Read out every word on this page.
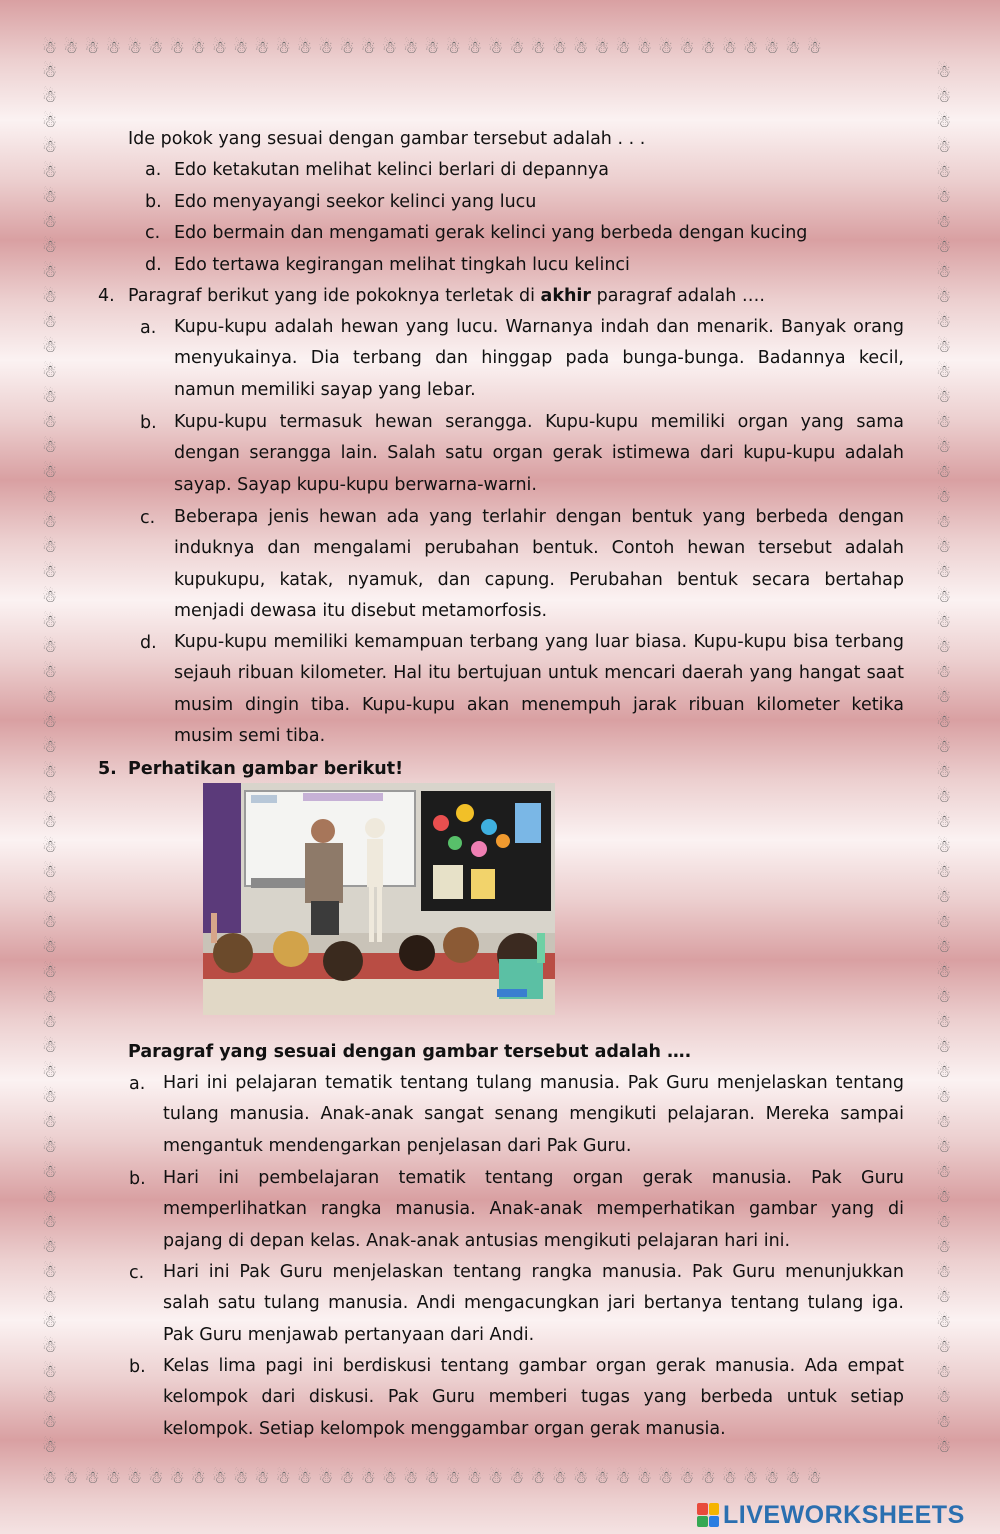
☃☃☃☃☃☃☃☃☃☃☃☃☃☃☃☃☃☃☃☃☃☃☃☃☃☃☃☃☃☃☃☃☃☃☃☃☃
☃☃☃☃☃☃☃☃☃☃☃☃☃☃☃☃☃☃☃☃☃☃☃☃☃☃☃☃☃☃☃☃☃☃☃☃☃
☃☃☃☃☃☃☃☃☃☃☃☃☃☃☃☃☃☃☃☃☃☃☃☃☃☃☃☃☃☃☃☃☃☃☃☃☃☃☃☃☃☃☃☃☃☃☃☃☃☃☃☃☃☃☃☃
☃☃☃☃☃☃☃☃☃☃☃☃☃☃☃☃☃☃☃☃☃☃☃☃☃☃☃☃☃☃☃☃☃☃☃☃☃☃☃☃☃☃☃☃☃☃☃☃☃☃☃☃☃☃☃☃
Ide pokok yang sesuai dengan gambar tersebut adalah . . .
a. Edo ketakutan melihat kelinci berlari di depannya
b. Edo menyayangi seekor kelinci yang lucu
c. Edo bermain dan mengamati gerak kelinci yang berbeda dengan kucing
d. Edo tertawa kegirangan melihat tingkah lucu kelinci
4. Paragraf berikut yang ide pokoknya terletak di akhir paragraf adalah ….
a. Kupu-kupu adalah hewan yang lucu. Warnanya indah dan menarik. Banyak orang menyukainya. Dia terbang dan hinggap pada bunga-bunga. Badannya kecil, namun memiliki sayap yang lebar.
b. Kupu-kupu termasuk hewan serangga. Kupu-kupu memiliki organ yang sama dengan serangga lain. Salah satu organ gerak istimewa dari kupu-kupu adalah sayap. Sayap kupu-kupu berwarna-warni.
c. Beberapa jenis hewan ada yang terlahir dengan bentuk yang berbeda dengan induknya dan mengalami perubahan bentuk. Contoh hewan tersebut adalah kupukupu, katak, nyamuk, dan capung. Perubahan bentuk secara bertahap menjadi dewasa itu disebut metamorfosis.
d. Kupu-kupu memiliki kemampuan terbang yang luar biasa. Kupu-kupu bisa terbang sejauh ribuan kilometer. Hal itu bertujuan untuk mencari daerah yang hangat saat musim dingin tiba. Kupu-kupu akan menempuh jarak ribuan kilometer ketika musim semi tiba.
5. Perhatikan gambar berikut!
Paragraf yang sesuai dengan gambar tersebut adalah ….
a. Hari ini pelajaran tematik tentang tulang manusia. Pak Guru menjelaskan tentang tulang manusia. Anak-anak sangat senang mengikuti pelajaran. Mereka sampai mengantuk mendengarkan penjelasan dari Pak Guru.
b. Hari ini pembelajaran tematik tentang organ gerak manusia. Pak Guru memperlihatkan rangka manusia. Anak-anak memperhatikan gambar yang di pajang di depan kelas. Anak-anak antusias mengikuti pelajaran hari ini.
c. Hari ini Pak Guru menjelaskan tentang rangka manusia. Pak Guru menunjukkan salah satu tulang manusia. Andi mengacungkan jari bertanya tentang tulang iga. Pak Guru menjawab pertanyaan dari Andi.
b. Kelas lima pagi ini berdiskusi tentang gambar organ gerak manusia. Ada empat kelompok dari diskusi. Pak Guru memberi tugas yang berbeda untuk setiap kelompok. Setiap kelompok menggambar organ gerak manusia.
LIVEWORKSHEETS
